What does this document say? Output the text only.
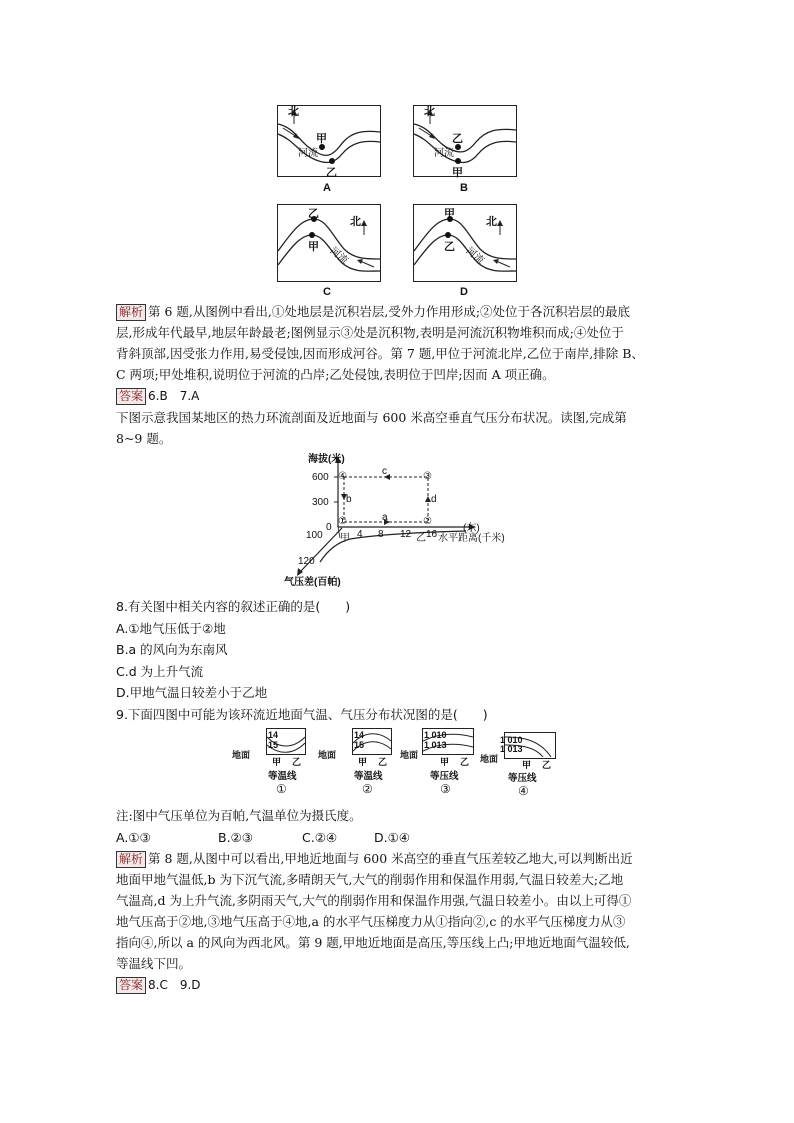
北
河流
甲
乙
A
北
河流
乙
甲
B
乙
甲
北
河流
C
甲
乙
北
河流
D
解析 第 6 题,从图例中看出,①处地层是沉积岩层,受外力作用形成;②处位于各沉积岩层的最底
层,形成年代最早,地层年龄最老;图例显示③处是沉积物,表明是河流沉积物堆积而成;④处位于
背斜顶部,因受张力作用,易受侵蚀,因而形成河谷。第 7 题,甲位于河流北岸,乙位于南岸,排除 B、
C 两项;甲处堆积,说明位于河流的凸岸;乙处侵蚀,表明位于凹岸;因而 A 项正确。
答案 6.B　7.A
下图示意我国某地区的热力环流剖面及近地面与 600 米高空垂直气压分布状况。读图,完成第
8~9 题。
海拔(米)
600
300
0
④	③
①	②
c
a
b	d
(东)
甲 4 8 12 乙 16 水平距离(千米)
100
120
气压差(百帕)
8.有关图中相关内容的叙述正确的是(　　)
A.①地气压低于②地
B.a 的风向为东南风
C.d 为上升气流
D.甲地气温日较差小于乙地
9.下面四图中可能为该环流近地面气温、气压分布状况图的是(　　)
14
15
地面
甲 乙
等温线
①
14
15
地面
甲 乙
等温线
②
1 010
1 013
地面
甲 乙
等压线
③
1 010
1 013
地面
甲 乙
等压线
④
注:图中气压单位为百帕,气温单位为摄氏度。
A.①③	B.②③	C.②④	D.①④
解析 第 8 题,从图中可以看出,甲地近地面与 600 米高空的垂直气压差较乙地大,可以判断出近
地面甲地气温低,b 为下沉气流,多晴朗天气,大气的削弱作用和保温作用弱,气温日较差大;乙地
气温高,d 为上升气流,多阴雨天气,大气的削弱作用和保温作用强,气温日较差小。由以上可得①
地气压高于②地,③地气压高于④地,a 的水平气压梯度力从①指向②,c 的水平气压梯度力从③
指向④,所以 a 的风向为西北风。第 9 题,甲地近地面是高压,等压线上凸;甲地近地面气温较低,
等温线下凹。
答案 8.C　9.D
